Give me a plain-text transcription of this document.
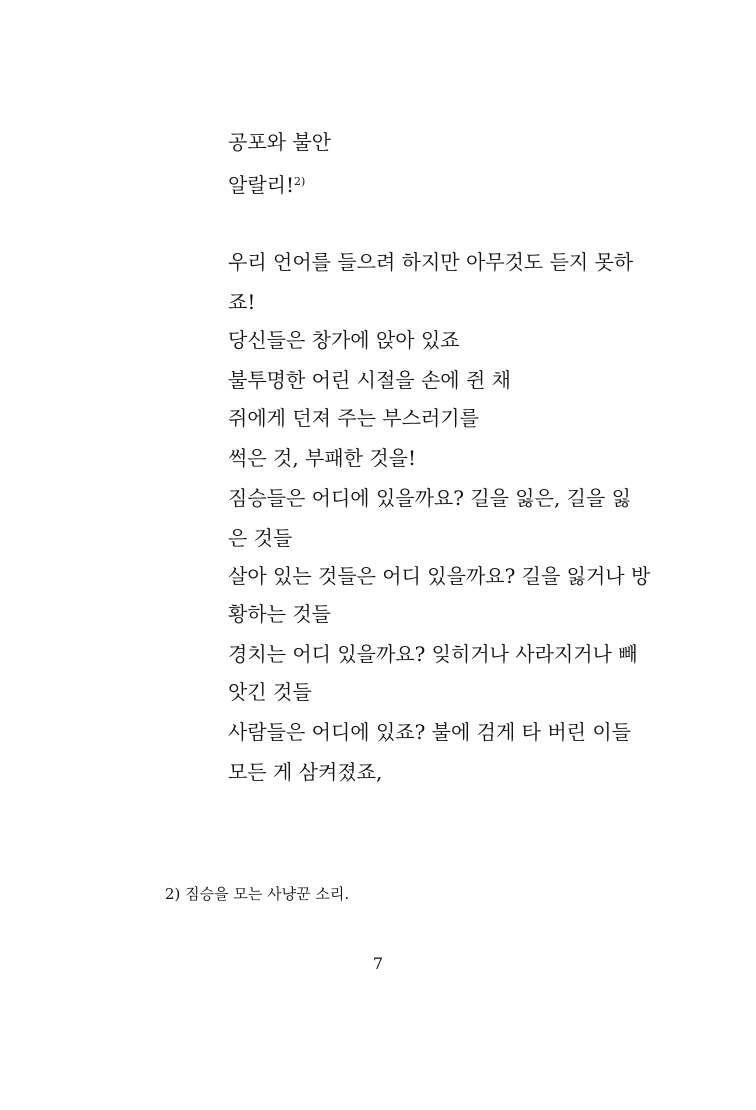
공포와 불안
알랄리!$^{2)}$
우리 언어를 들으려 하지만 아무것도 듣지 못하
죠!
당신들은 창가에 앉아 있죠
불투명한 어린 시절을 손에 쥔 채
쥐에게 던져 주는 부스러기를
썩은 것, 부패한 것을!
짐승들은 어디에 있을까요? 길을 잃은, 길을 잃
은 것들
살아 있는 것들은 어디 있을까요? 길을 잃거나 방
황하는 것들
경치는 어디 있을까요? 잊히거나 사라지거나 빼
앗긴 것들
사람들은 어디에 있죠? 불에 검게 타 버린 이들
모든 게 삼켜졌죠,
2) 짐승을 모는 사냥꾼 소리.
7
